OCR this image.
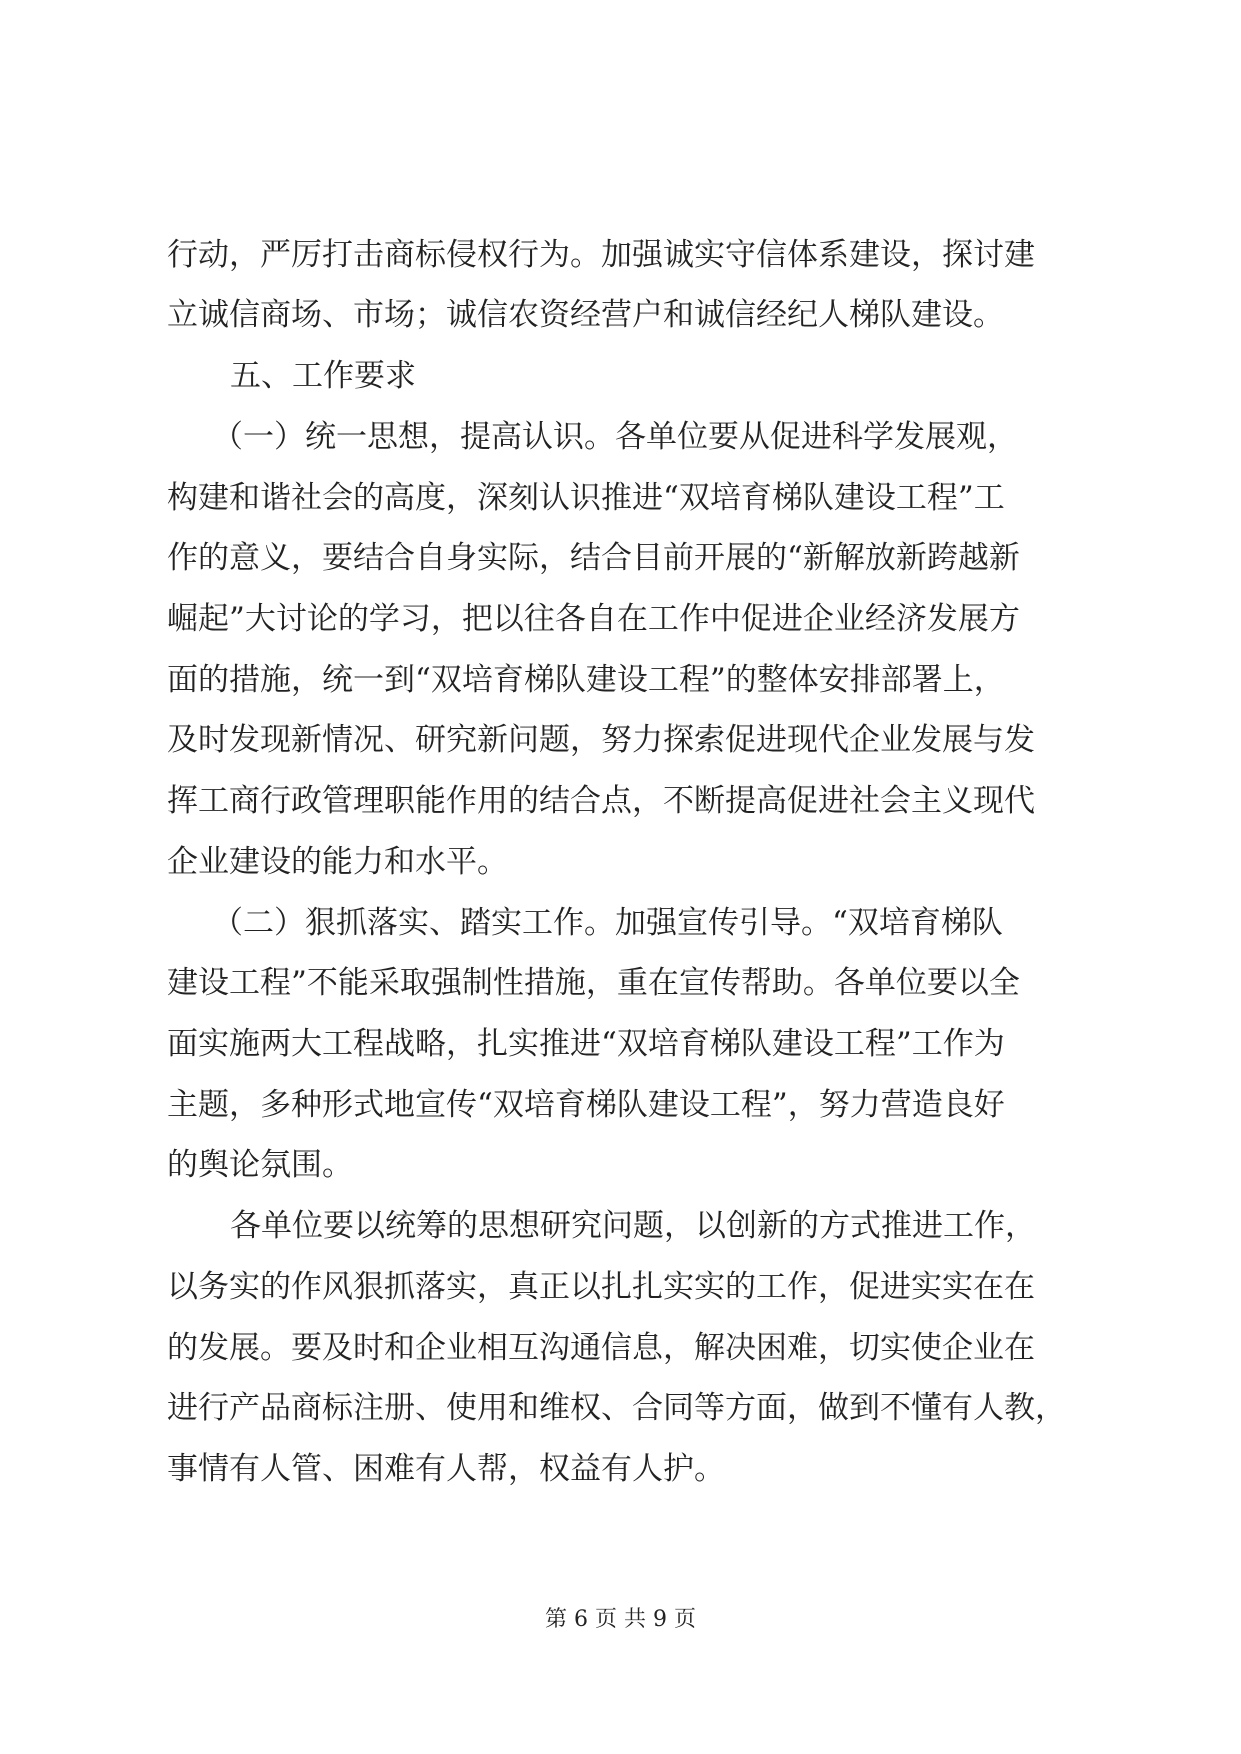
行动，严厉打击商标侵权行为。加强诚实守信体系建设，探讨建
立诚信商场、市场；诚信农资经营户和诚信经纪人梯队建设。
五、工作要求
（一）统一思想，提高认识。各单位要从促进科学发展观，
构建和谐社会的高度，深刻认识推进“双培育梯队建设工程”工
作的意义，要结合自身实际，结合目前开展的“新解放新跨越新
崛起”大讨论的学习，把以往各自在工作中促进企业经济发展方
面的措施，统一到“双培育梯队建设工程”的整体安排部署上，
及时发现新情况、研究新问题，努力探索促进现代企业发展与发
挥工商行政管理职能作用的结合点，不断提高促进社会主义现代
企业建设的能力和水平。
（二）狠抓落实、踏实工作。加强宣传引导。“双培育梯队
建设工程”不能采取强制性措施，重在宣传帮助。各单位要以全
面实施两大工程战略，扎实推进“双培育梯队建设工程”工作为
主题，多种形式地宣传“双培育梯队建设工程”，努力营造良好
的舆论氛围。
各单位要以统筹的思想研究问题，以创新的方式推进工作，
以务实的作风狠抓落实，真正以扎扎实实的工作，促进实实在在
的发展。要及时和企业相互沟通信息，解决困难，切实使企业在
进行产品商标注册、使用和维权、合同等方面，做到不懂有人教，
事情有人管、困难有人帮，权益有人护。
第 6 页 共 9 页
